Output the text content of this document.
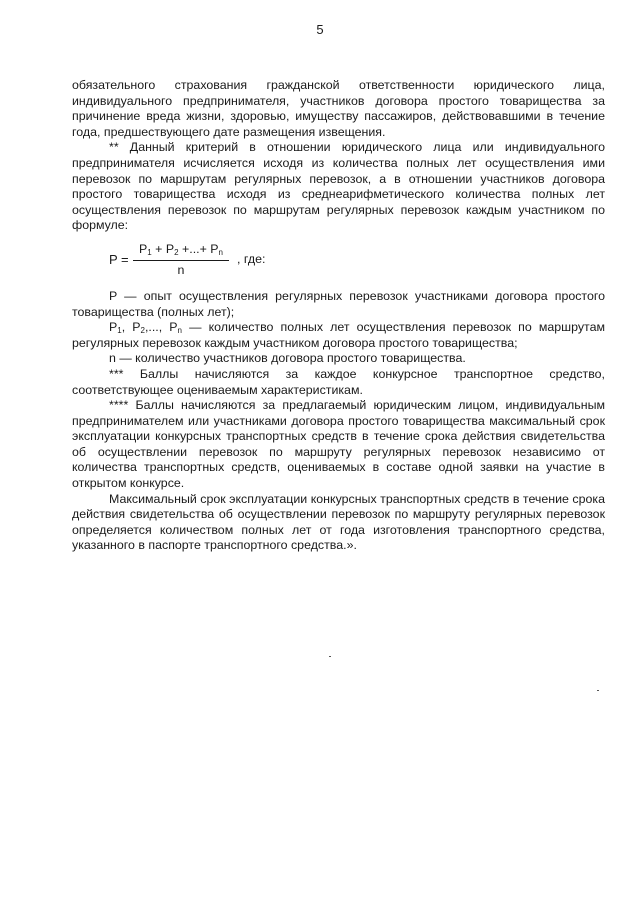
5

обязательного страхования гражданской ответственности юридического лица, индивидуального предпринимателя, участников договора простого товарищества за причинение вреда жизни, здоровью, имуществу пассажиров, действовавшими в течение года, предшествующего дате размещения извещения.

** Данный критерий в отношении юридического лица или индивидуального предпринимателя исчисляется исходя из количества полных лет осуществления ими перевозок по маршрутам регулярных перевозок, а в отношении участников договора простого товарищества исходя из среднеарифметического количества полных лет осуществления перевозок по маршрутам регулярных перевозок каждым участником по формуле:

$P = \frac{P_1 + P_2 +...+ P_n}{n}$ , где:

P — опыт осуществления регулярных перевозок участниками договора простого товарищества (полных лет);

$P_1$, $P_2$,..., $P_n$ — количество полных лет осуществления перевозок по маршрутам регулярных перевозок каждым участником договора простого товарищества;

n — количество участников договора простого товарищества.

*** Баллы начисляются за каждое конкурсное транспортное средство, соответствующее оцениваемым характеристикам.

**** Баллы начисляются за предлагаемый юридическим лицом, индивидуальным предпринимателем или участниками договора простого товарищества максимальный срок эксплуатации конкурсных транспортных средств в течение срока действия свидетельства об осуществлении перевозок по маршруту регулярных перевозок независимо от количества транспортных средств, оцениваемых в составе одной заявки на участие в открытом конкурсе.

Максимальный срок эксплуатации конкурсных транспортных средств в течение срока действия свидетельства об осуществлении перевозок по маршруту регулярных перевозок определяется количеством полных лет от года изготовления транспортного средства, указанного в паспорте транспортного средства.».
